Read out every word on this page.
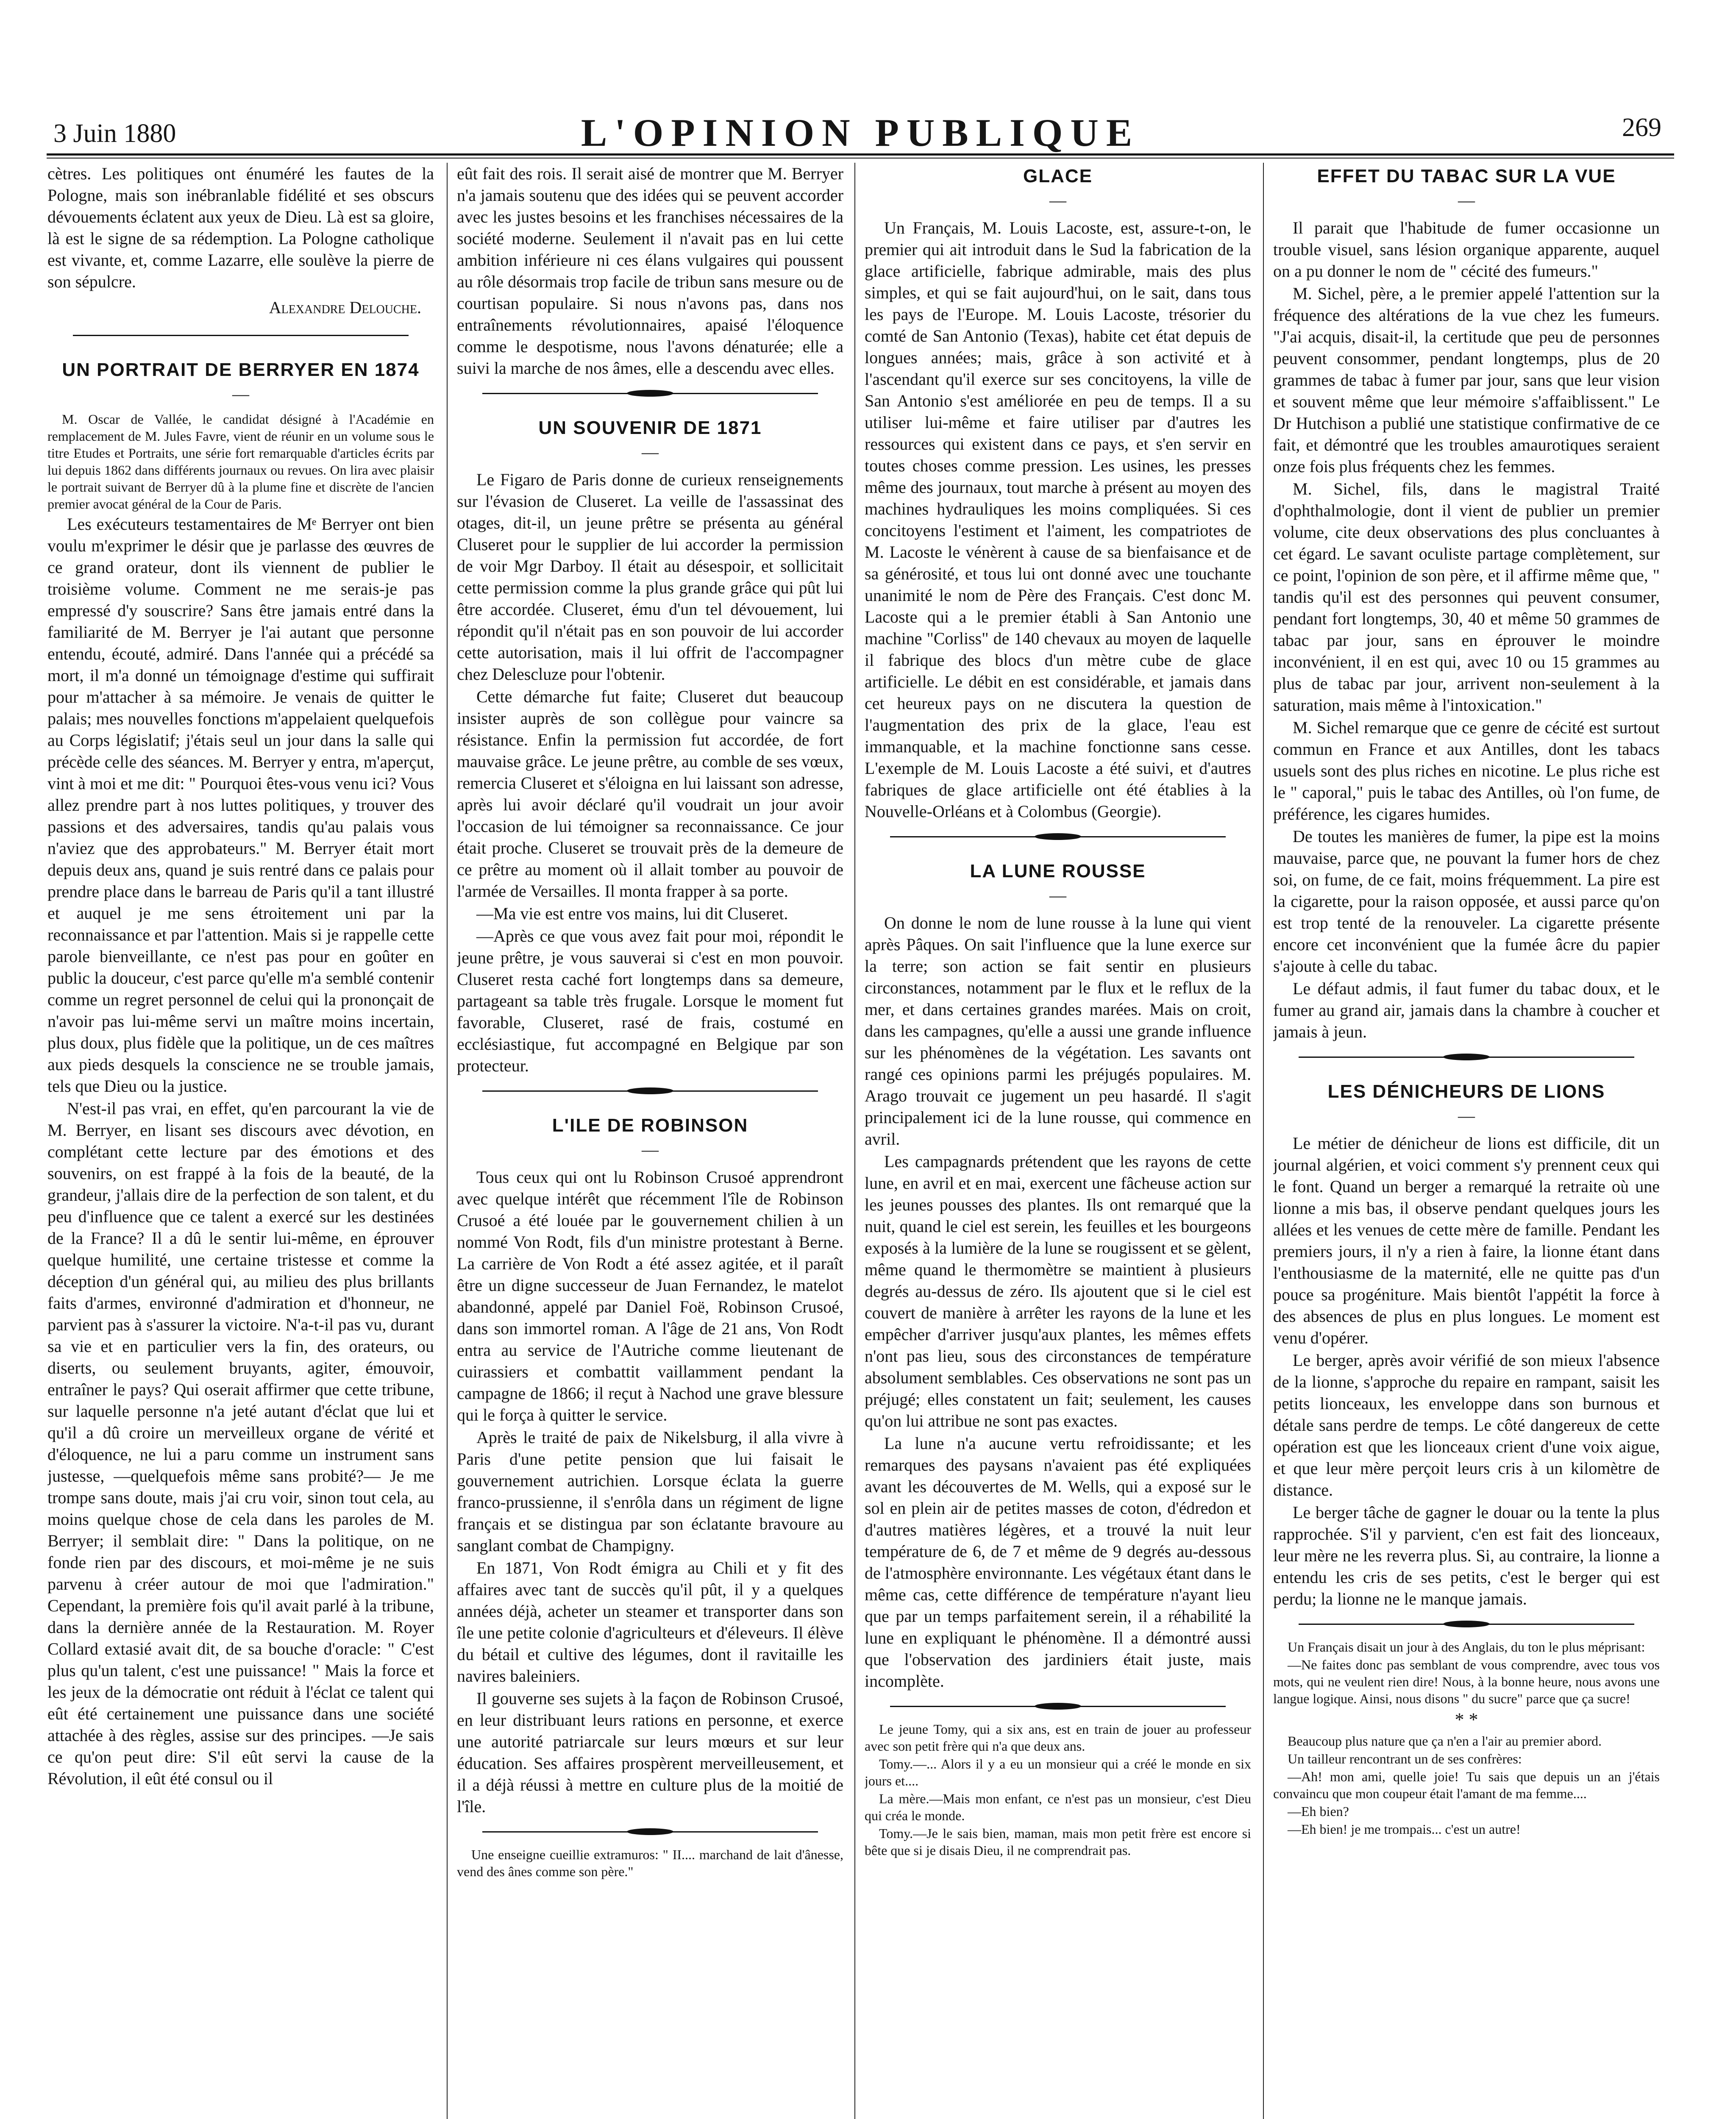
3 Juin 1880	L'OPINION PUBLIQUE	269

cètres. Les politiques ont énuméré les fautes de la Pologne, mais son inébranlable fidélité et ses obscurs dévouements éclatent aux yeux de Dieu. Là est sa gloire, là est le signe de sa rédemption. La Pologne catholique est vivante, et, comme Lazarre, elle soulève la pierre de son sépulcre.

Alexandre Delouche.
UN PORTRAIT DE BERRYER EN 1874
—

M. Oscar de Vallée, le candidat désigné à l'Académie en remplacement de M. Jules Favre, vient de réunir en un volume sous le titre Etudes et Portraits, une série fort remarquable d'articles écrits par lui depuis 1862 dans différents journaux ou revues. On lira avec plaisir le portrait suivant de Berryer dû à la plume fine et discrète de l'ancien premier avocat général de la Cour de Paris.

Les exécuteurs testamentaires de Mᵉ Berryer ont bien voulu m'exprimer le désir que je parlasse des œuvres de ce grand orateur, dont ils viennent de publier le troisième volume. Comment ne me serais-je pas empressé d'y souscrire? Sans être jamais entré dans la familiarité de M. Berryer je l'ai autant que personne entendu, écouté, admiré. Dans l'année qui a précédé sa mort, il m'a donné un témoignage d'estime qui suffirait pour m'attacher à sa mémoire. Je venais de quitter le palais; mes nouvelles fonctions m'appelaient quelquefois au Corps législatif; j'étais seul un jour dans la salle qui précède celle des séances. M. Berryer y entra, m'aperçut, vint à moi et me dit: " Pourquoi êtes-vous venu ici? Vous allez prendre part à nos luttes politiques, y trouver des passions et des adversaires, tandis qu'au palais vous n'aviez que des approbateurs." M. Berryer était mort depuis deux ans, quand je suis rentré dans ce palais pour prendre place dans le barreau de Paris qu'il a tant illustré et auquel je me sens étroitement uni par la reconnaissance et par l'attention. Mais si je rappelle cette parole bienveillante, ce n'est pas pour en goûter en public la douceur, c'est parce qu'elle m'a semblé contenir comme un regret personnel de celui qui la prononçait de n'avoir pas lui-même servi un maître moins incertain, plus doux, plus fidèle que la politique, un de ces maîtres aux pieds desquels la conscience ne se trouble jamais, tels que Dieu ou la justice.

N'est-il pas vrai, en effet, qu'en parcourant la vie de M. Berryer, en lisant ses discours avec dévotion, en complétant cette lecture par des émotions et des souvenirs, on est frappé à la fois de la beauté, de la grandeur, j'allais dire de la perfection de son talent, et du peu d'influence que ce talent a exercé sur les destinées de la France? Il a dû le sentir lui-même, en éprouver quelque humilité, une certaine tristesse et comme la déception d'un général qui, au milieu des plus brillants faits d'armes, environné d'admiration et d'honneur, ne parvient pas à s'assurer la victoire. N'a-t-il pas vu, durant sa vie et en particulier vers la fin, des orateurs, ou diserts, ou seulement bruyants, agiter, émouvoir, entraîner le pays? Qui oserait affirmer que cette tribune, sur laquelle personne n'a jeté autant d'éclat que lui et qu'il a dû croire un merveilleux organe de vérité et d'éloquence, ne lui a paru comme un instrument sans justesse, —quelquefois même sans probité?— Je me trompe sans doute, mais j'ai cru voir, sinon tout cela, au moins quelque chose de cela dans les paroles de M. Berryer; il semblait dire: " Dans la politique, on ne fonde rien par des discours, et moi-même je ne suis parvenu à créer autour de moi que l'admiration." Cependant, la première fois qu'il avait parlé à la tribune, dans la dernière année de la Restauration. M. Royer Collard extasié avait dit, de sa bouche d'oracle: " C'est plus qu'un talent, c'est une puissance! " Mais la force et les jeux de la démocratie ont réduit à l'éclat ce talent qui eût été certainement une puissance dans une société attachée à des règles, assise sur des principes. —Je sais ce qu'on peut dire: S'il eût servi la cause de la Révolution, il eût été consul ou il

eût fait des rois. Il serait aisé de montrer que M. Berryer n'a jamais soutenu que des idées qui se peuvent accorder avec les justes besoins et les franchises nécessaires de la société moderne. Seulement il n'avait pas en lui cette ambition inférieure ni ces élans vulgaires qui poussent au rôle désormais trop facile de tribun sans mesure ou de courtisan populaire. Si nous n'avons pas, dans nos entraînements révolutionnaires, apaisé l'éloquence comme le despotisme, nous l'avons dénaturée; elle a suivi la marche de nos âmes, elle a descendu avec elles.

UN SOUVENIR DE 1871
—

Le Figaro de Paris donne de curieux renseignements sur l'évasion de Cluseret. La veille de l'assassinat des otages, dit-il, un jeune prêtre se présenta au général Cluseret pour le supplier de lui accorder la permission de voir Mgr Darboy. Il était au désespoir, et sollicitait cette permission comme la plus grande grâce qui pût lui être accordée. Cluseret, ému d'un tel dévouement, lui répondit qu'il n'était pas en son pouvoir de lui accorder cette autorisation, mais il lui offrit de l'accompagner chez Delescluze pour l'obtenir.

Cette démarche fut faite; Cluseret dut beaucoup insister auprès de son collègue pour vaincre sa résistance. Enfin la permission fut accordée, de fort mauvaise grâce. Le jeune prêtre, au comble de ses vœux, remercia Cluseret et s'éloigna en lui laissant son adresse, après lui avoir déclaré qu'il voudrait un jour avoir l'occasion de lui témoigner sa reconnaissance. Ce jour était proche. Cluseret se trouvait près de la demeure de ce prêtre au moment où il allait tomber au pouvoir de l'armée de Versailles. Il monta frapper à sa porte.

—Ma vie est entre vos mains, lui dit Cluseret.

—Après ce que vous avez fait pour moi, répondit le jeune prêtre, je vous sauverai si c'est en mon pouvoir. Cluseret resta caché fort longtemps dans sa demeure, partageant sa table très frugale. Lorsque le moment fut favorable, Cluseret, rasé de frais, costumé en ecclésiastique, fut accompagné en Belgique par son protecteur.

L'ILE DE ROBINSON
—

Tous ceux qui ont lu Robinson Crusoé apprendront avec quelque intérêt que récemment l'île de Robinson Crusoé a été louée par le gouvernement chilien à un nommé Von Rodt, fils d'un ministre protestant à Berne. La carrière de Von Rodt a été assez agitée, et il paraît être un digne successeur de Juan Fernandez, le matelot abandonné, appelé par Daniel Foë, Robinson Crusoé, dans son immortel roman. A l'âge de 21 ans, Von Rodt entra au service de l'Autriche comme lieutenant de cuirassiers et combattit vaillamment pendant la campagne de 1866; il reçut à Nachod une grave blessure qui le força à quitter le service.

Après le traité de paix de Nikelsburg, il alla vivre à Paris d'une petite pension que lui faisait le gouvernement autrichien. Lorsque éclata la guerre franco-prussienne, il s'enrôla dans un régiment de ligne français et se distingua par son éclatante bravoure au sanglant combat de Champigny.

En 1871, Von Rodt émigra au Chili et y fit des affaires avec tant de succès qu'il pût, il y a quelques années déjà, acheter un steamer et transporter dans son île une petite colonie d'agriculteurs et d'éleveurs. Il élève du bétail et cultive des légumes, dont il ravitaille les navires baleiniers.

Il gouverne ses sujets à la façon de Robinson Crusoé, en leur distribuant leurs rations en personne, et exerce une autorité patriarcale sur leurs mœurs et sur leur éducation. Ses affaires prospèrent merveilleusement, et il a déjà réussi à mettre en culture plus de la moitié de l'île.

Une enseigne cueillie extramuros: " II.... marchand de lait d'ânesse, vend des ânes comme son père."

GLACE
—

Un Français, M. Louis Lacoste, est, assure-t-on, le premier qui ait introduit dans le Sud la fabrication de la glace artificielle, fabrique admirable, mais des plus simples, et qui se fait aujourd'hui, on le sait, dans tous les pays de l'Europe. M. Louis Lacoste, trésorier du comté de San Antonio (Texas), habite cet état depuis de longues années; mais, grâce à son activité et à l'ascendant qu'il exerce sur ses concitoyens, la ville de San Antonio s'est améliorée en peu de temps. Il a su utiliser lui-même et faire utiliser par d'autres les ressources qui existent dans ce pays, et s'en servir en toutes choses comme pression. Les usines, les presses même des journaux, tout marche à présent au moyen des machines hydrauliques les moins compliquées. Si ces concitoyens l'estiment et l'aiment, les compatriotes de M. Lacoste le vénèrent à cause de sa bienfaisance et de sa générosité, et tous lui ont donné avec une touchante unanimité le nom de Père des Français. C'est donc M. Lacoste qui a le premier établi à San Antonio une machine "Corliss" de 140 chevaux au moyen de laquelle il fabrique des blocs d'un mètre cube de glace artificielle. Le débit en est considérable, et jamais dans cet heureux pays on ne discutera la question de l'augmentation des prix de la glace, l'eau est immanquable, et la machine fonctionne sans cesse. L'exemple de M. Louis Lacoste a été suivi, et d'autres fabriques de glace artificielle ont été établies à la Nouvelle-Orléans et à Colombus (Georgie).

LA LUNE ROUSSE
—

On donne le nom de lune rousse à la lune qui vient après Pâques. On sait l'influence que la lune exerce sur la terre; son action se fait sentir en plusieurs circonstances, notamment par le flux et le reflux de la mer, et dans certaines grandes marées. Mais on croit, dans les campagnes, qu'elle a aussi une grande influence sur les phénomènes de la végétation. Les savants ont rangé ces opinions parmi les préjugés populaires. M. Arago trouvait ce jugement un peu hasardé. Il s'agit principalement ici de la lune rousse, qui commence en avril.

Les campagnards prétendent que les rayons de cette lune, en avril et en mai, exercent une fâcheuse action sur les jeunes pousses des plantes. Ils ont remarqué que la nuit, quand le ciel est serein, les feuilles et les bourgeons exposés à la lumière de la lune se rougissent et se gèlent, même quand le thermomètre se maintient à plusieurs degrés au-dessus de zéro. Ils ajoutent que si le ciel est couvert de manière à arrêter les rayons de la lune et les empêcher d'arriver jusqu'aux plantes, les mêmes effets n'ont pas lieu, sous des circonstances de température absolument semblables. Ces observations ne sont pas un préjugé; elles constatent un fait; seulement, les causes qu'on lui attribue ne sont pas exactes.

La lune n'a aucune vertu refroidissante; et les remarques des paysans n'avaient pas été expliquées avant les découvertes de M. Wells, qui a exposé sur le sol en plein air de petites masses de coton, d'édredon et d'autres matières légères, et a trouvé la nuit leur température de 6, de 7 et même de 9 degrés au-dessous de l'atmosphère environnante. Les végétaux étant dans le même cas, cette différence de température n'ayant lieu que par un temps parfaitement serein, il a réhabilité la lune en expliquant le phénomène. Il a démontré aussi que l'observation des jardiniers était juste, mais incomplète.

Le jeune Tomy, qui a six ans, est en train de jouer au professeur avec son petit frère qui n'a que deux ans.

Tomy.—... Alors il y a eu un monsieur qui a créé le monde en six jours et....

La mère.—Mais mon enfant, ce n'est pas un monsieur, c'est Dieu qui créa le monde.

Tomy.—Je le sais bien, maman, mais mon petit frère est encore si bête que si je disais Dieu, il ne comprendrait pas.

EFFET DU TABAC SUR LA VUE
—

Il parait que l'habitude de fumer occasionne un trouble visuel, sans lésion organique apparente, auquel on a pu donner le nom de " cécité des fumeurs."

M. Sichel, père, a le premier appelé l'attention sur la fréquence des altérations de la vue chez les fumeurs. "J'ai acquis, disait-il, la certitude que peu de personnes peuvent consommer, pendant longtemps, plus de 20 grammes de tabac à fumer par jour, sans que leur vision et souvent même que leur mémoire s'affaiblissent." Le Dr Hutchison a publié une statistique confirmative de ce fait, et démontré que les troubles amaurotiques seraient onze fois plus fréquents chez les femmes.

M. Sichel, fils, dans le magistral Traité d'ophthalmologie, dont il vient de publier un premier volume, cite deux observations des plus concluantes à cet égard. Le savant oculiste partage complètement, sur ce point, l'opinion de son père, et il affirme même que, " tandis qu'il est des personnes qui peuvent consumer, pendant fort longtemps, 30, 40 et même 50 grammes de tabac par jour, sans en éprouver le moindre inconvénient, il en est qui, avec 10 ou 15 grammes au plus de tabac par jour, arrivent non-seulement à la saturation, mais même à l'intoxication."

M. Sichel remarque que ce genre de cécité est surtout commun en France et aux Antilles, dont les tabacs usuels sont des plus riches en nicotine. Le plus riche est le " caporal," puis le tabac des Antilles, où l'on fume, de préférence, les cigares humides.

De toutes les manières de fumer, la pipe est la moins mauvaise, parce que, ne pouvant la fumer hors de chez soi, on fume, de ce fait, moins fréquemment. La pire est la cigarette, pour la raison opposée, et aussi parce qu'on est trop tenté de la renouveler. La cigarette présente encore cet inconvénient que la fumée âcre du papier s'ajoute à celle du tabac.

Le défaut admis, il faut fumer du tabac doux, et le fumer au grand air, jamais dans la chambre à coucher et jamais à jeun.

LES DÉNICHEURS DE LIONS
—

Le métier de dénicheur de lions est difficile, dit un journal algérien, et voici comment s'y prennent ceux qui le font. Quand un berger a remarqué la retraite où une lionne a mis bas, il observe pendant quelques jours les allées et les venues de cette mère de famille. Pendant les premiers jours, il n'y a rien à faire, la lionne étant dans l'enthousiasme de la maternité, elle ne quitte pas d'un pouce sa progéniture. Mais bientôt l'appétit la force à des absences de plus en plus longues. Le moment est venu d'opérer.

Le berger, après avoir vérifié de son mieux l'absence de la lionne, s'approche du repaire en rampant, saisit les petits lionceaux, les enveloppe dans son burnous et détale sans perdre de temps. Le côté dangereux de cette opération est que les lionceaux crient d'une voix aigue, et que leur mère perçoit leurs cris à un kilomètre de distance.

Le berger tâche de gagner le douar ou la tente la plus rapprochée. S'il y parvient, c'en est fait des lionceaux, leur mère ne les reverra plus. Si, au contraire, la lionne a entendu les cris de ses petits, c'est le berger qui est perdu; la lionne ne le manque jamais.

Un Français disait un jour à des Anglais, du ton le plus méprisant:

—Ne faites donc pas semblant de vous comprendre, avec tous vos mots, qui ne veulent rien dire! Nous, à la bonne heure, nous avons une langue logique. Ainsi, nous disons " du sucre" parce que ça sucre!

* *

Beaucoup plus nature que ça n'en a l'air au premier abord.

Un tailleur rencontrant un de ses confrères:

—Ah! mon ami, quelle joie! Tu sais que depuis un an j'étais convaincu que mon coupeur était l'amant de ma femme....

—Eh bien?

—Eh bien! je me trompais... c'est un autre!
